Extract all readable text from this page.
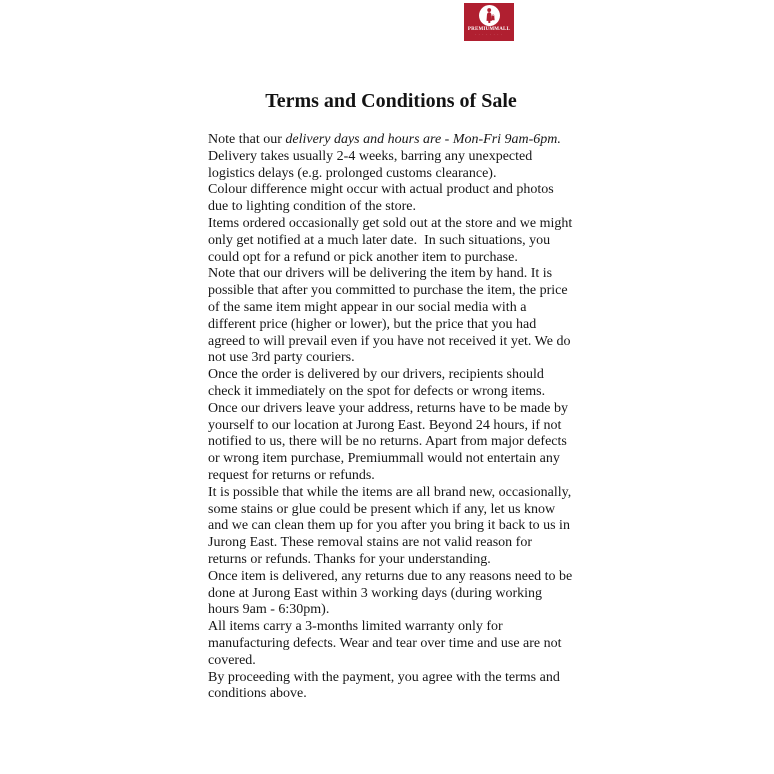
PREMIUMMALL
· · · · · · · ·
Terms and Conditions of Sale

Note that our delivery days and hours are - Mon-Fri 9am-6pm.

Delivery takes usually 2-4 weeks, barring any unexpected logistics delays (e.g. prolonged customs clearance).

Colour difference might occur with actual product and photos due to lighting condition of the store.

Items ordered occasionally get sold out at the store and we might only get notified at a much later date.  In such situations, you could opt for a refund or pick another item to purchase.

Note that our drivers will be delivering the item by hand. It is possible that after you committed to purchase the item, the price of the same item might appear in our social media with a different price (higher or lower), but the price that you had agreed to will prevail even if you have not received it yet. We do not use 3rd party couriers.

Once the order is delivered by our drivers, recipients should check it immediately on the spot for defects or wrong items.

Once our drivers leave your address, returns have to be made by yourself to our location at Jurong East. Beyond 24 hours, if not notified to us, there will be no returns. Apart from major defects or wrong item purchase, Premiummall would not entertain any request for returns or refunds.

It is possible that while the items are all brand new, occasionally, some stains or glue could be present which if any, let us know and we can clean them up for you after you bring it back to us in Jurong East. These removal stains are not valid reason for returns or refunds. Thanks for your understanding.

Once item is delivered, any returns due to any reasons need to be done at Jurong East within 3 working days (during working hours 9am - 6:30pm).

All items carry a 3-months limited warranty only for manufacturing defects. Wear and tear over time and use are not covered.

By proceeding with the payment, you agree with the terms and conditions above.
